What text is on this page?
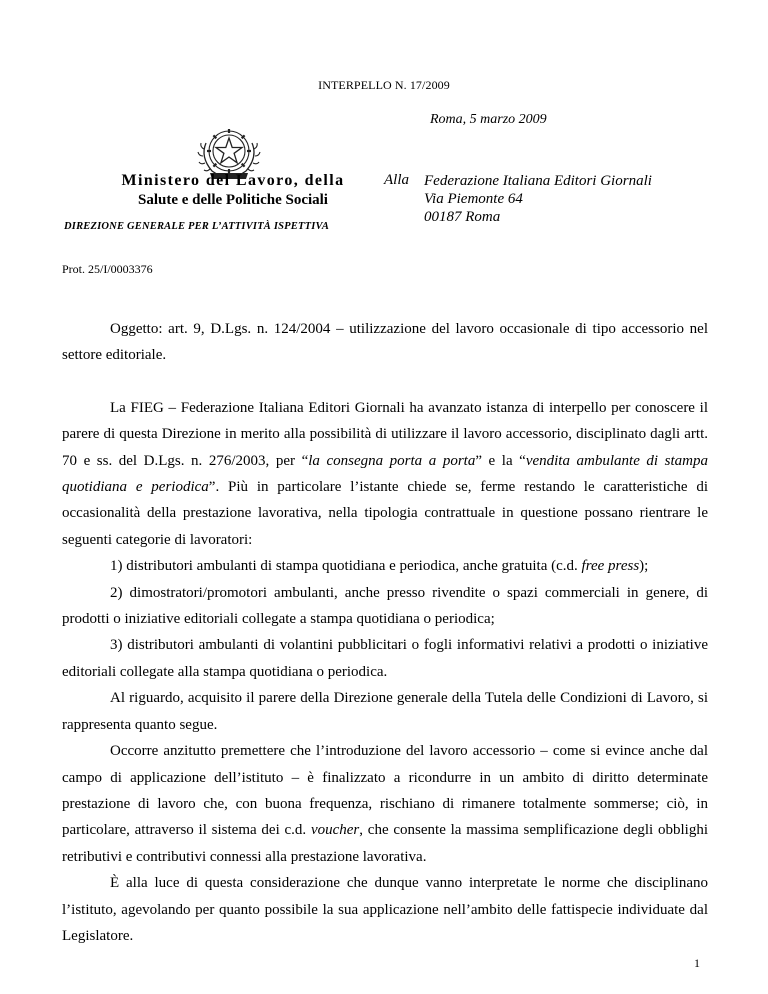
INTERPELLO N. 17/2009
Roma, 5 marzo 2009
Ministero del Lavoro, della
Salute e delle Politiche Sociali
DIREZIONE GENERALE PER L’ATTIVITÀ ISPETTIVA
Alla Federazione Italiana Editori Giornali
Via Piemonte 64
00187 Roma
Prot. 25/I/0003376

Oggetto: art. 9, D.Lgs. n. 124/2004 – utilizzazione del lavoro occasionale di tipo accessorio nel settore editoriale.

La FIEG – Federazione Italiana Editori Giornali ha avanzato istanza di interpello per conoscere il parere di questa Direzione in merito alla possibilità di utilizzare il lavoro accessorio, disciplinato dagli artt. 70 e ss. del D.Lgs. n. 276/2003, per “la consegna porta a porta” e la “vendita ambulante di stampa quotidiana e periodica”. Più in particolare l’istante chiede se, ferme restando le caratteristiche di occasionalità della prestazione lavorativa, nella tipologia contrattuale in questione possano rientrare le seguenti categorie di lavoratori:

1) distributori ambulanti di stampa quotidiana e periodica, anche gratuita (c.d. free press);

2) dimostratori/promotori ambulanti, anche presso rivendite o spazi commerciali in genere, di prodotti o iniziative editoriali collegate a stampa quotidiana o periodica;

3) distributori ambulanti di volantini pubblicitari o fogli informativi relativi a prodotti o iniziative editoriali collegate alla stampa quotidiana o periodica.

Al riguardo, acquisito il parere della Direzione generale della Tutela delle Condizioni di Lavoro, si rappresenta quanto segue.

Occorre anzitutto premettere che l’introduzione del lavoro accessorio – come si evince anche dal campo di applicazione dell’istituto – è finalizzato a ricondurre in un ambito di diritto determinate prestazione di lavoro che, con buona frequenza, rischiano di rimanere totalmente sommerse; ciò, in particolare, attraverso il sistema dei c.d. voucher, che consente la massima semplificazione degli obblighi retributivi e contributivi connessi alla prestazione lavorativa.

È alla luce di questa considerazione che dunque vanno interpretate le norme che disciplinano l’istituto, agevolando per quanto possibile la sua applicazione nell’ambito delle fattispecie individuate dal Legislatore.

1
